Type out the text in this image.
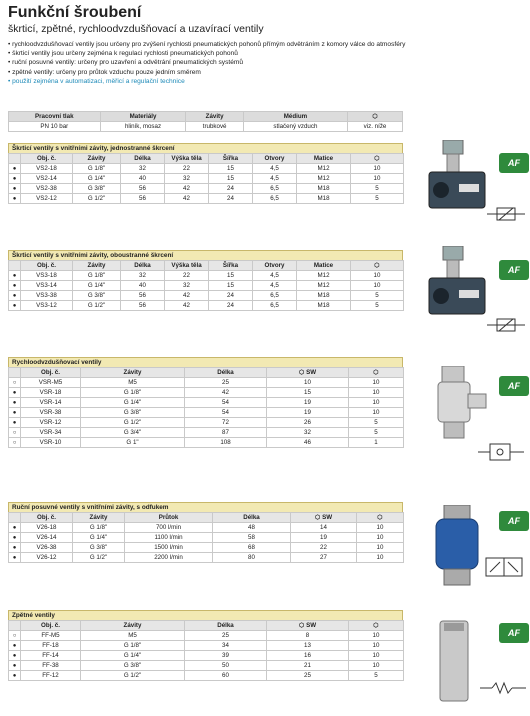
Funkční šroubení
škrticí, zpětné, rychloodvzdušňovací a uzavírací ventily
• rychloodvzdušňovací ventily jsou určeny pro zvýšení rychlosti pneumatických pohonů přímým odvětráním z komory válce do atmosféry
• škrticí ventily jsou určeny zejména k regulaci rychlosti pneumatických pohonů
• ruční posuvné ventily: určeny pro uzavření a odvětrání pneumatických systémů
• zpětné ventily: určeny pro průtok vzduchu pouze jedním směrem
• použití zejména v automatizaci, měřicí a regulační technice
Pracovní tlak	Materiály	Závity	Médium	⬡
PN 10 bar	hliník, mosaz	trubkové	stlačený vzduch	viz. níže
Škrticí ventily s vnitřními závity, jednostranné škrcení
	Obj. č.	Závity	Délka	Výška těla	Šířka	Otvory	Matice	⬡
●	VS2-18	G 1/8"	32	22	15	4,5	M12	10
●	VS2-14	G 1/4"	40	32	15	4,5	M12	10
●	VS2-38	G 3/8"	56	42	24	6,5	M18	5
●	VS2-12	G 1/2"	56	42	24	6,5	M18	5
Škrticí ventily s vnitřními závity, oboustranné škrcení
	Obj. č.	Závity	Délka	Výška těla	Šířka	Otvory	Matice	⬡
●	VS3-18	G 1/8"	32	22	15	4,5	M12	10
●	VS3-14	G 1/4"	40	32	15	4,5	M12	10
●	VS3-38	G 3/8"	56	42	24	6,5	M18	5
●	VS3-12	G 1/2"	56	42	24	6,5	M18	5
Rychloodvzdušňovací ventily
	Obj. č.	Závity	Délka	⬡ SW	⬡
○	VSR-M5	M5	25	10	10
●	VSR-18	G 1/8"	42	15	10
●	VSR-14	G 1/4"	54	19	10
●	VSR-38	G 3/8"	54	19	10
●	VSR-12	G 1/2"	72	26	5
○	VSR-34	G 3/4"	87	32	5
○	VSR-10	G 1"	108	46	1
Ruční posuvné ventily s vnitřními závity, s odfukem
	Obj. č.	Závity	Průtok	Délka	⬡ SW	⬡
●	V26-18	G 1/8"	700 l/min	48	14	10
●	V26-14	G 1/4"	1100 l/min	58	19	10
●	V26-38	G 3/8"	1500 l/min	68	22	10
●	V26-12	G 1/2"	2200 l/min	80	27	10
Zpětné ventily
	Obj. č.	Závity	Délka	⬡ SW	⬡
○	FF-M5	M5	25	8	10
●	FF-18	G 1/8"	34	13	10
●	FF-14	G 1/4"	39	16	10
●	FF-38	G 3/8"	50	21	10
●	FF-12	G 1/2"	60	25	5
AF
AF
AF
AF
AF
